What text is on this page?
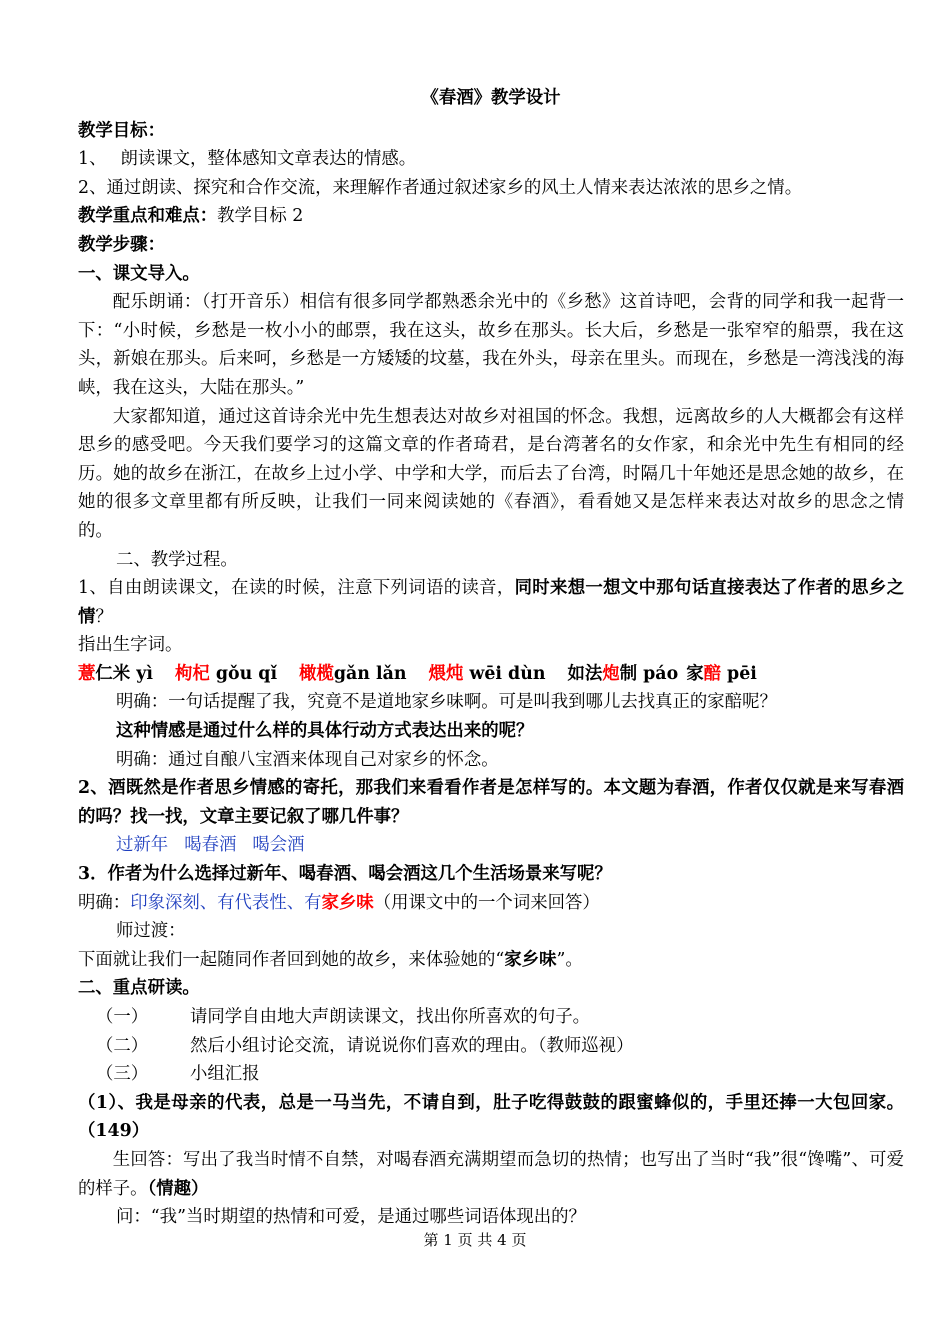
《春酒》教学设计
教学目标：
1、 朗读课文，整体感知文章表达的情感。
2、通过朗读、探究和合作交流，来理解作者通过叙述家乡的风土人情来表达浓浓的思乡之情。
教学重点和难点：教学目标 2
教学步骤：
一、课文导入。
配乐朗诵：（打开音乐）相信有很多同学都熟悉余光中的《乡愁》这首诗吧，会背的同学和我一起背一下：“小时候，乡愁是一枚小小的邮票，我在这头，故乡在那头。长大后，乡愁是一张窄窄的船票，我在这头，新娘在那头。后来呵，乡愁是一方矮矮的坟墓，我在外头，母亲在里头。而现在，乡愁是一湾浅浅的海峡，我在这头，大陆在那头。”
大家都知道，通过这首诗余光中先生想表达对故乡对祖国的怀念。我想，远离故乡的人大概都会有这样思乡的感受吧。今天我们要学习的这篇文章的作者琦君，是台湾著名的女作家，和余光中先生有相同的经历。她的故乡在浙江，在故乡上过小学、中学和大学，而后去了台湾，时隔几十年她还是思念她的故乡，在她的很多文章里都有所反映，让我们一同来阅读她的《春酒》，看看她又是怎样来表达对故乡的思念之情的。
二、教学过程。
1、自由朗读课文，在读的时候，注意下列词语的读音，同时来想一想文中那句话直接表达了作者的思乡之情？
指出生字词。
薏仁米 yì 枸杞 gǒu qǐ 橄榄gǎn lǎn 煨炖 wēi dùn 如法炮制 páo 家醅 pēi
明确：一句话提醒了我，究竟不是道地家乡味啊。可是叫我到哪儿去找真正的家醅呢？
这种情感是通过什么样的具体行动方式表达出来的呢？
明确：通过自酿八宝酒来体现自己对家乡的怀念。
2、酒既然是作者思乡情感的寄托，那我们来看看作者是怎样写的。本文题为春酒，作者仅仅就是来写春酒的吗？找一找，文章主要记叙了哪几件事？
过新年 喝春酒 喝会酒
3．作者为什么选择过新年、喝春酒、喝会酒这几个生活场景来写呢？
明确：印象深刻、有代表性、有家乡味（用课文中的一个词来回答）
师过渡：
下面就让我们一起随同作者回到她的故乡，来体验她的“家乡味”。
二、重点研读。
（一）	请同学自由地大声朗读课文，找出你所喜欢的句子。
（二）	然后小组讨论交流，请说说你们喜欢的理由。（教师巡视）
（三）	小组汇报
（1）、我是母亲的代表，总是一马当先，不请自到，肚子吃得鼓鼓的跟蜜蜂似的，手里还捧一大包回家。（149）
生回答：写出了我当时情不自禁，对喝春酒充满期望而急切的热情；也写出了当时“我”很“馋嘴”、可爱的样子。（情趣）
问：“我”当时期望的热情和可爱，是通过哪些词语体现出的？
第 1 页 共 4 页
